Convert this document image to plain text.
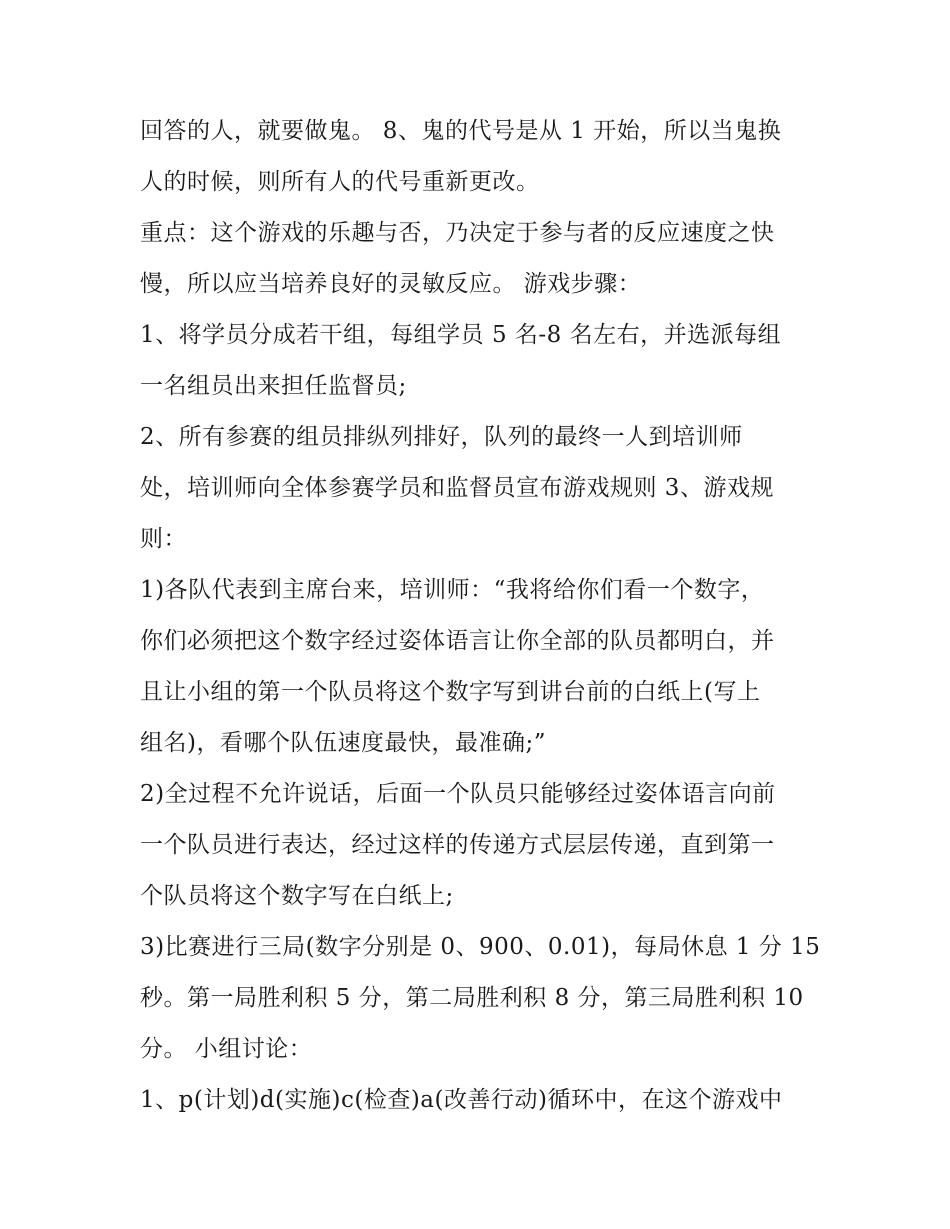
回答的人，就要做鬼。 8、鬼的代号是从 1 开始，所以当鬼换
人的时候，则所有人的代号重新更改。
重点：这个游戏的乐趣与否，乃决定于参与者的反应速度之快
慢，所以应当培养良好的灵敏反应。 游戏步骤：
1、将学员分成若干组，每组学员 5 名-8 名左右，并选派每组
一名组员出来担任监督员;
2、所有参赛的组员排纵列排好，队列的最终一人到培训师
处，培训师向全体参赛学员和监督员宣布游戏规则 3、游戏规
则：
1)各队代表到主席台来，培训师：“我将给你们看一个数字，
你们必须把这个数字经过姿体语言让你全部的队员都明白，并
且让小组的第一个队员将这个数字写到讲台前的白纸上(写上
组名)，看哪个队伍速度最快，最准确;”
2)全过程不允许说话，后面一个队员只能够经过姿体语言向前
一个队员进行表达，经过这样的传递方式层层传递，直到第一
个队员将这个数字写在白纸上;
3)比赛进行三局(数字分别是 0、900、0.01)，每局休息 1 分 15
秒。第一局胜利积 5 分，第二局胜利积 8 分，第三局胜利积 10
分。 小组讨论：
1、p(计划)d(实施)c(检查)a(改善行动)循环中，在这个游戏中
